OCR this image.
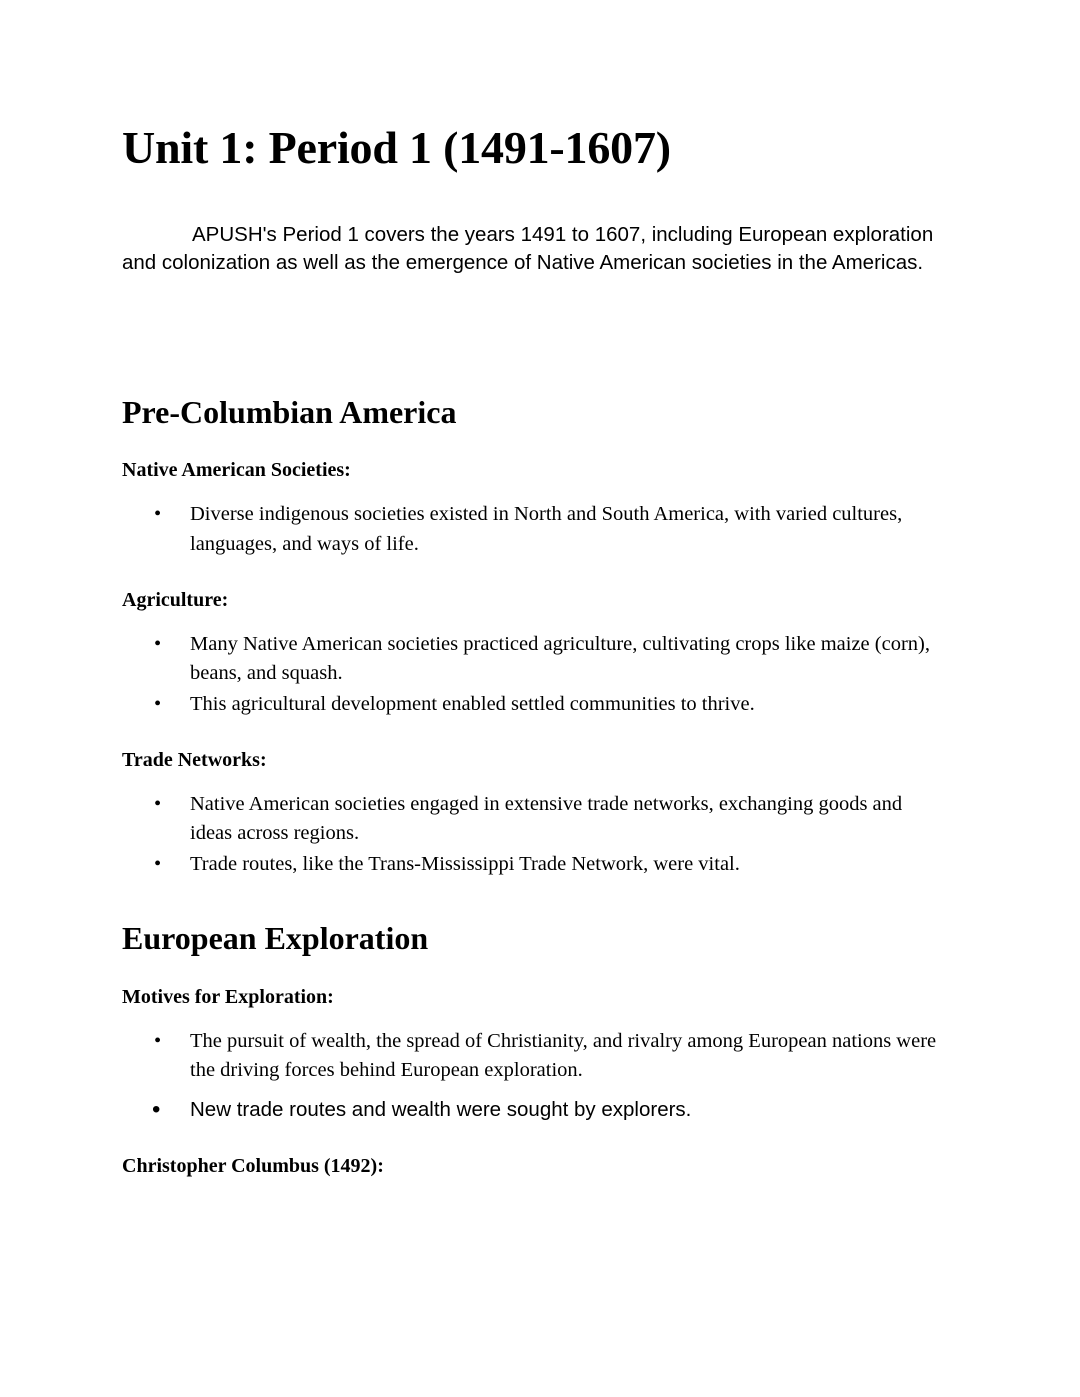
Unit 1: Period 1 (1491-1607)

APUSH's Period 1 covers the years 1491 to 1607, including European exploration and colonization as well as the emergence of Native American societies in the Americas.

Pre-Columbian America
Native American Societies:
• Diverse indigenous societies existed in North and South America, with varied cultures, languages, and ways of life.
Agriculture:
• Many Native American societies practiced agriculture, cultivating crops like maize (corn), beans, and squash.
• This agricultural development enabled settled communities to thrive.
Trade Networks:
• Native American societies engaged in extensive trade networks, exchanging goods and ideas across regions.
• Trade routes, like the Trans-Mississippi Trade Network, were vital.
European Exploration
Motives for Exploration:
• The pursuit of wealth, the spread of Christianity, and rivalry among European nations were the driving forces behind European exploration.
• New trade routes and wealth were sought by explorers.
Christopher Columbus (1492):
